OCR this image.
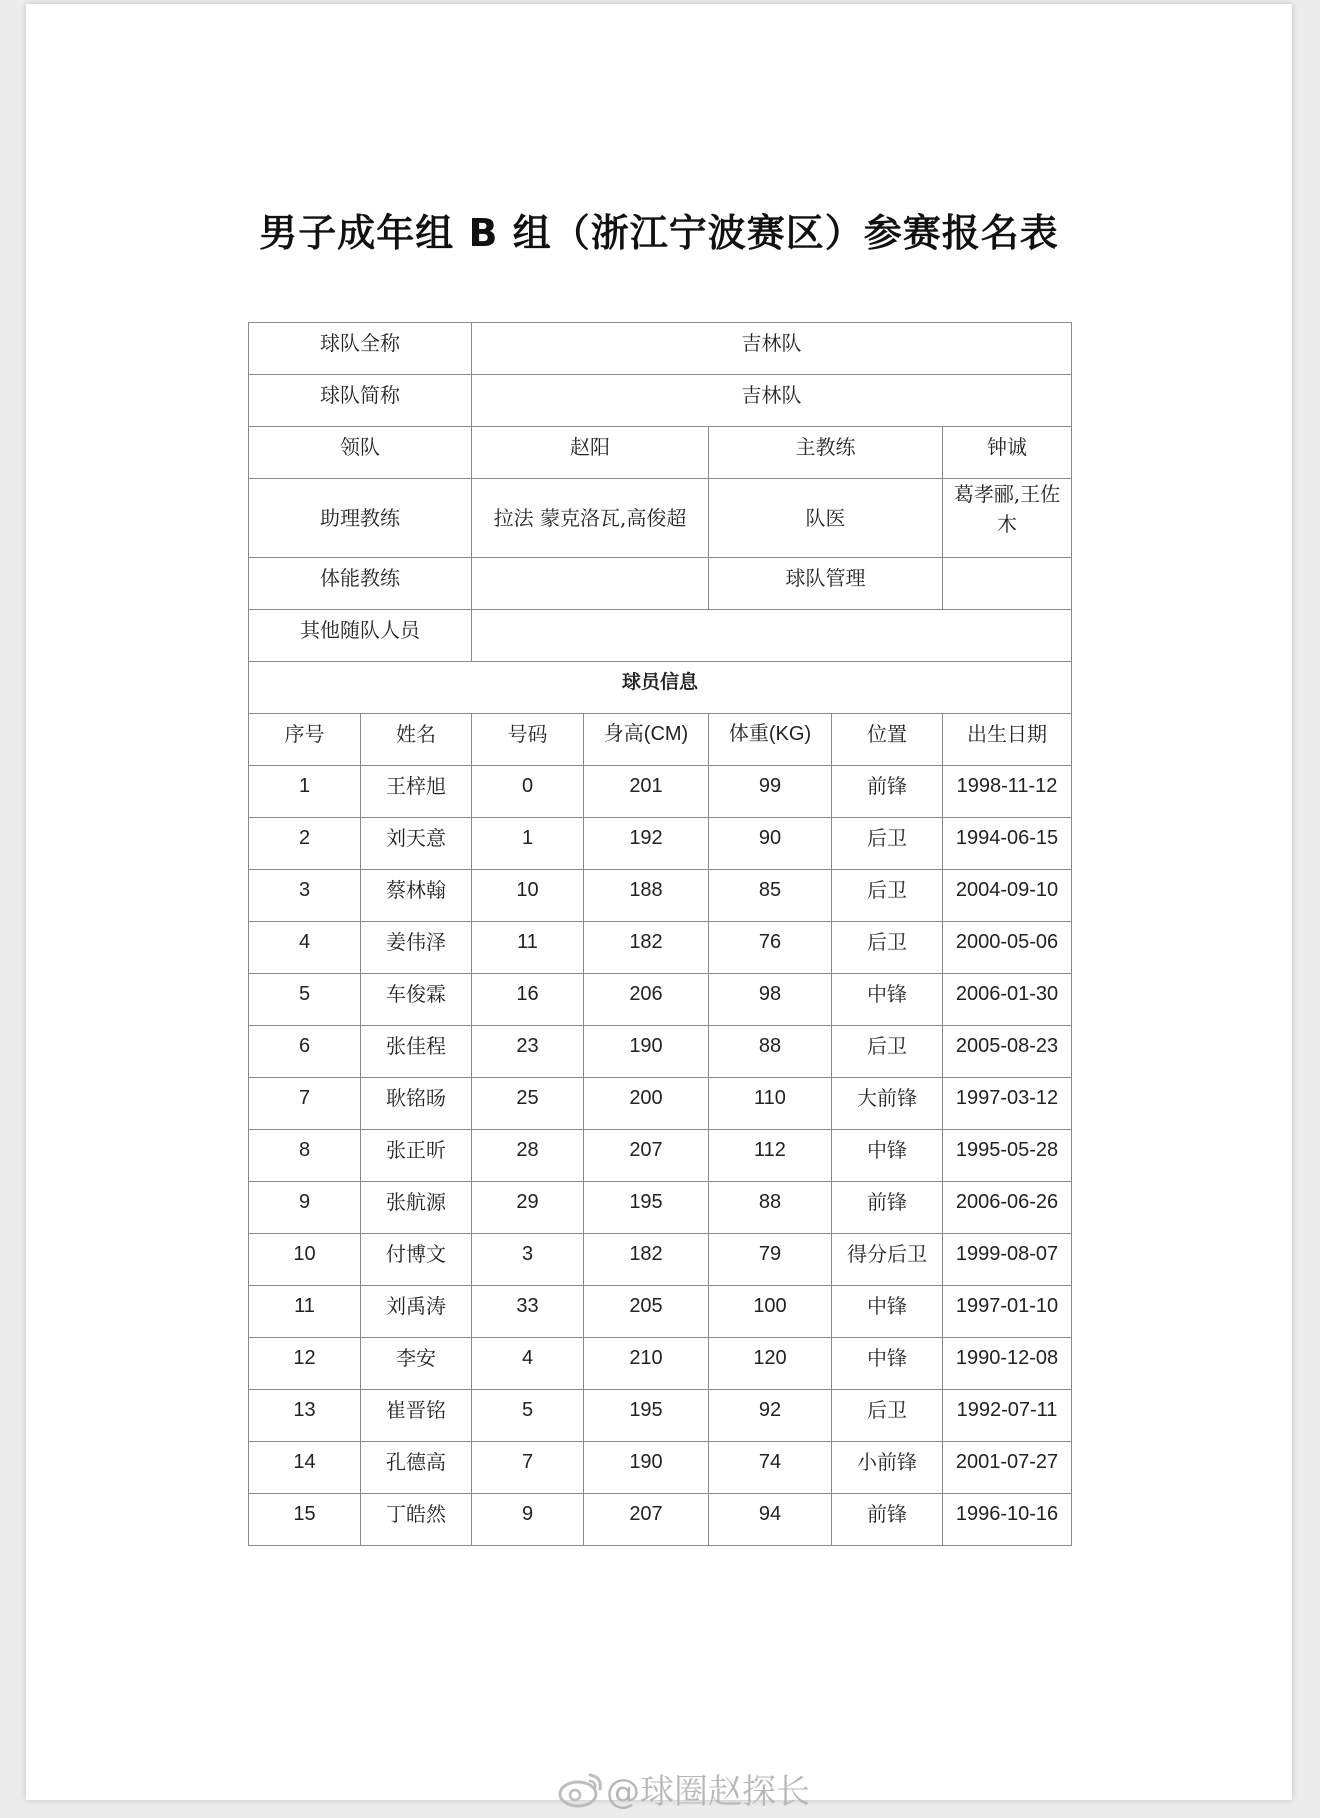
男子成年组 B 组（浙江宁波赛区）参赛报名表
球队全称		吉林队				
球队简称		吉林队				
领队		赵阳		主教练		钟诚
助理教练		拉法 蒙克洛瓦,高俊超		队医		葛孝郦,王佐木
体能教练				球队管理		
其他随队人员						
球员信息						
序号	姓名	号码	身高(CM)	体重(KG)	位置	出生日期
1	王梓旭	0	201	99	前锋	1998-11-12
2	刘天意	1	192	90	后卫	1994-06-15
3	蔡林翰	10	188	85	后卫	2004-09-10
4	姜伟泽	11	182	76	后卫	2000-05-06
5	车俊霖	16	206	98	中锋	2006-01-30
6	张佳程	23	190	88	后卫	2005-08-23
7	耿铭旸	25	200	110	大前锋	1997-03-12
8	张正昕	28	207	112	中锋	1995-05-28
9	张航源	29	195	88	前锋	2006-06-26
10	付博文	3	182	79	得分后卫	1999-08-07
11	刘禹涛	33	205	100	中锋	1997-01-10
12	李安	4	210	120	中锋	1990-12-08
13	崔晋铭	5	195	92	后卫	1992-07-11
14	孔德高	7	190	74	小前锋	2001-07-27
15	丁皓然	9	207	94	前锋	1996-10-16
@球圈赵探长
